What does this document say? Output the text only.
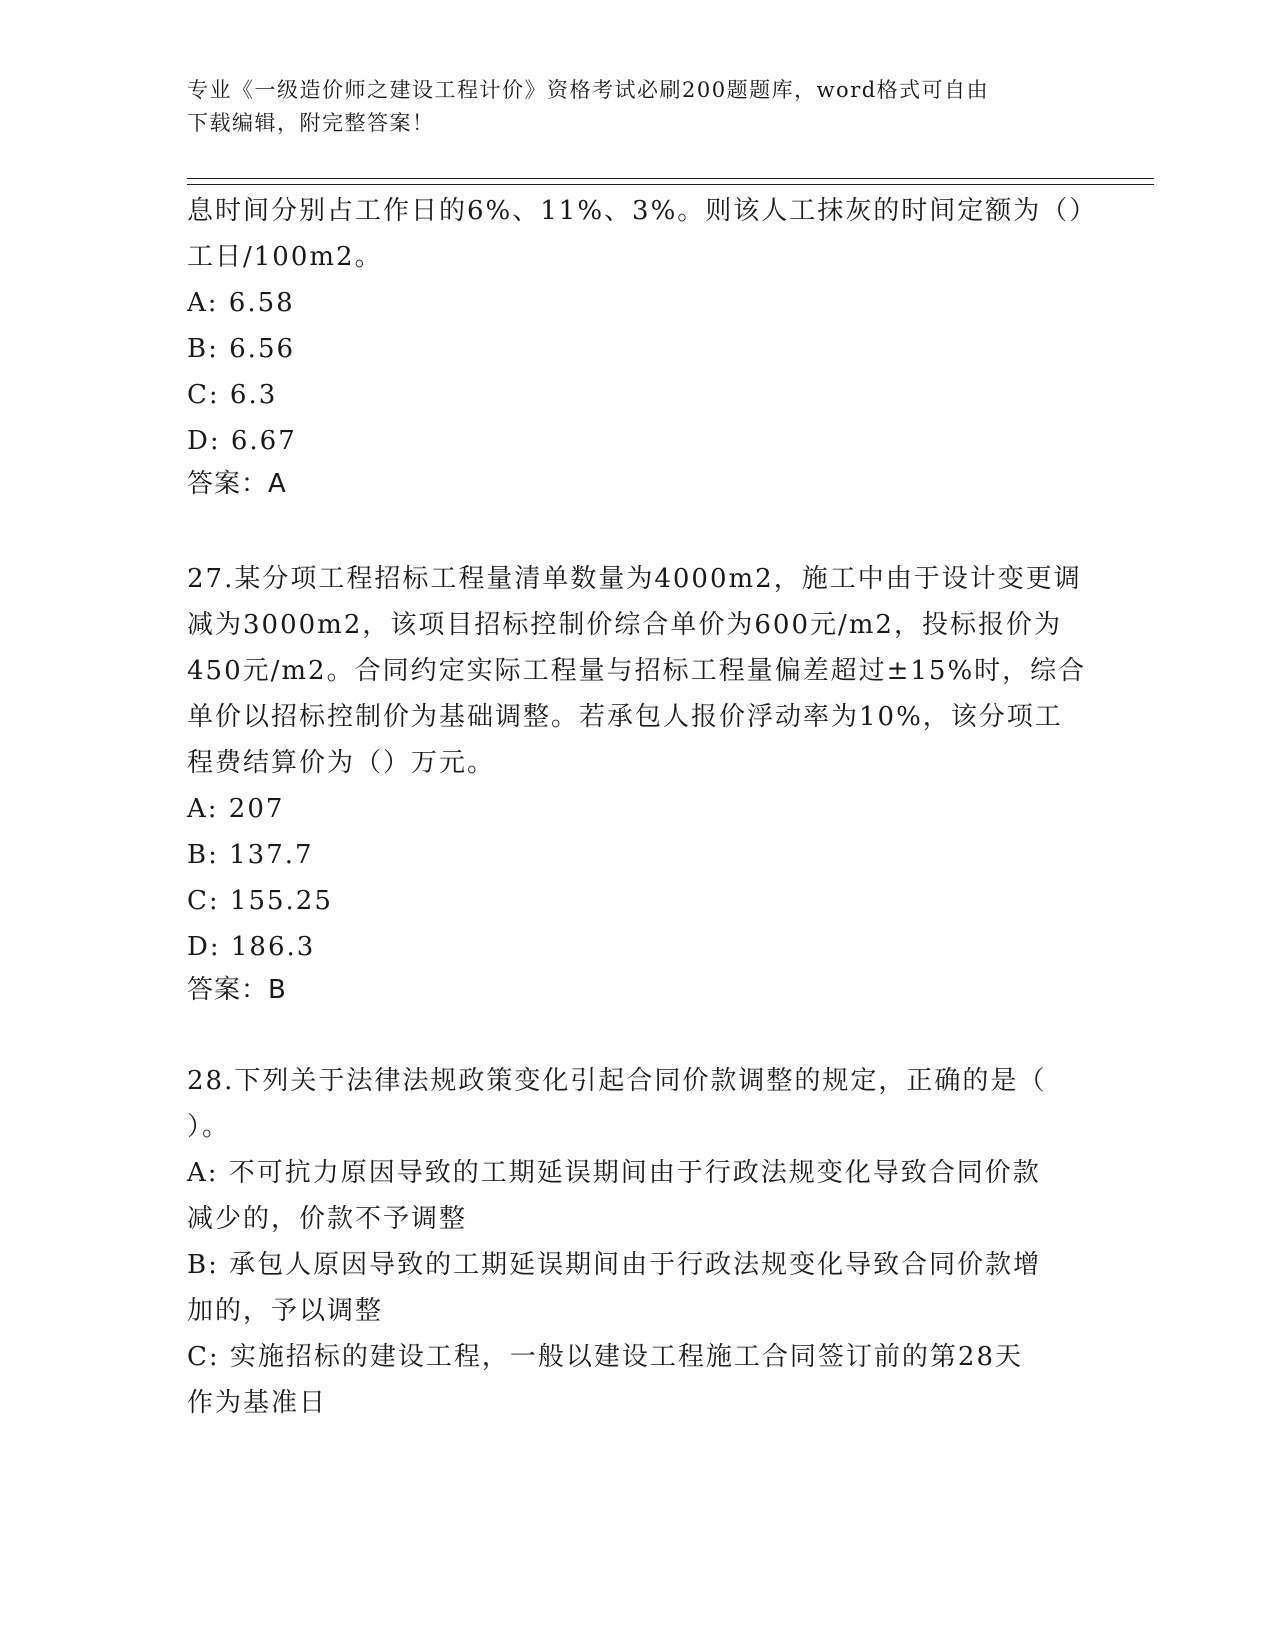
专业《一级造价师之建设工程计价》资格考试必刷200题题库，word格式可自由
下载编辑，附完整答案！
息时间分别占工作日的6%、11%、3%。则该人工抹灰的时间定额为（）
工日/100m2。
A: 6.58
B: 6.56
C: 6.3
D: 6.67
答案：A
27.某分项工程招标工程量清单数量为4000m2，施工中由于设计变更调
减为3000m2，该项目招标控制价综合单价为600元/m2，投标报价为
450元/m2。合同约定实际工程量与招标工程量偏差超过±15%时，综合
单价以招标控制价为基础调整。若承包人报价浮动率为10%，该分项工
程费结算价为（）万元。
A: 207
B: 137.7
C: 155.25
D: 186.3
答案：B
28.下列关于法律法规政策变化引起合同价款调整的规定，正确的是（
）。
A: 不可抗力原因导致的工期延误期间由于行政法规变化导致合同价款
减少的，价款不予调整
B: 承包人原因导致的工期延误期间由于行政法规变化导致合同价款增
加的，予以调整
C: 实施招标的建设工程，一般以建设工程施工合同签订前的第28天
作为基准日
